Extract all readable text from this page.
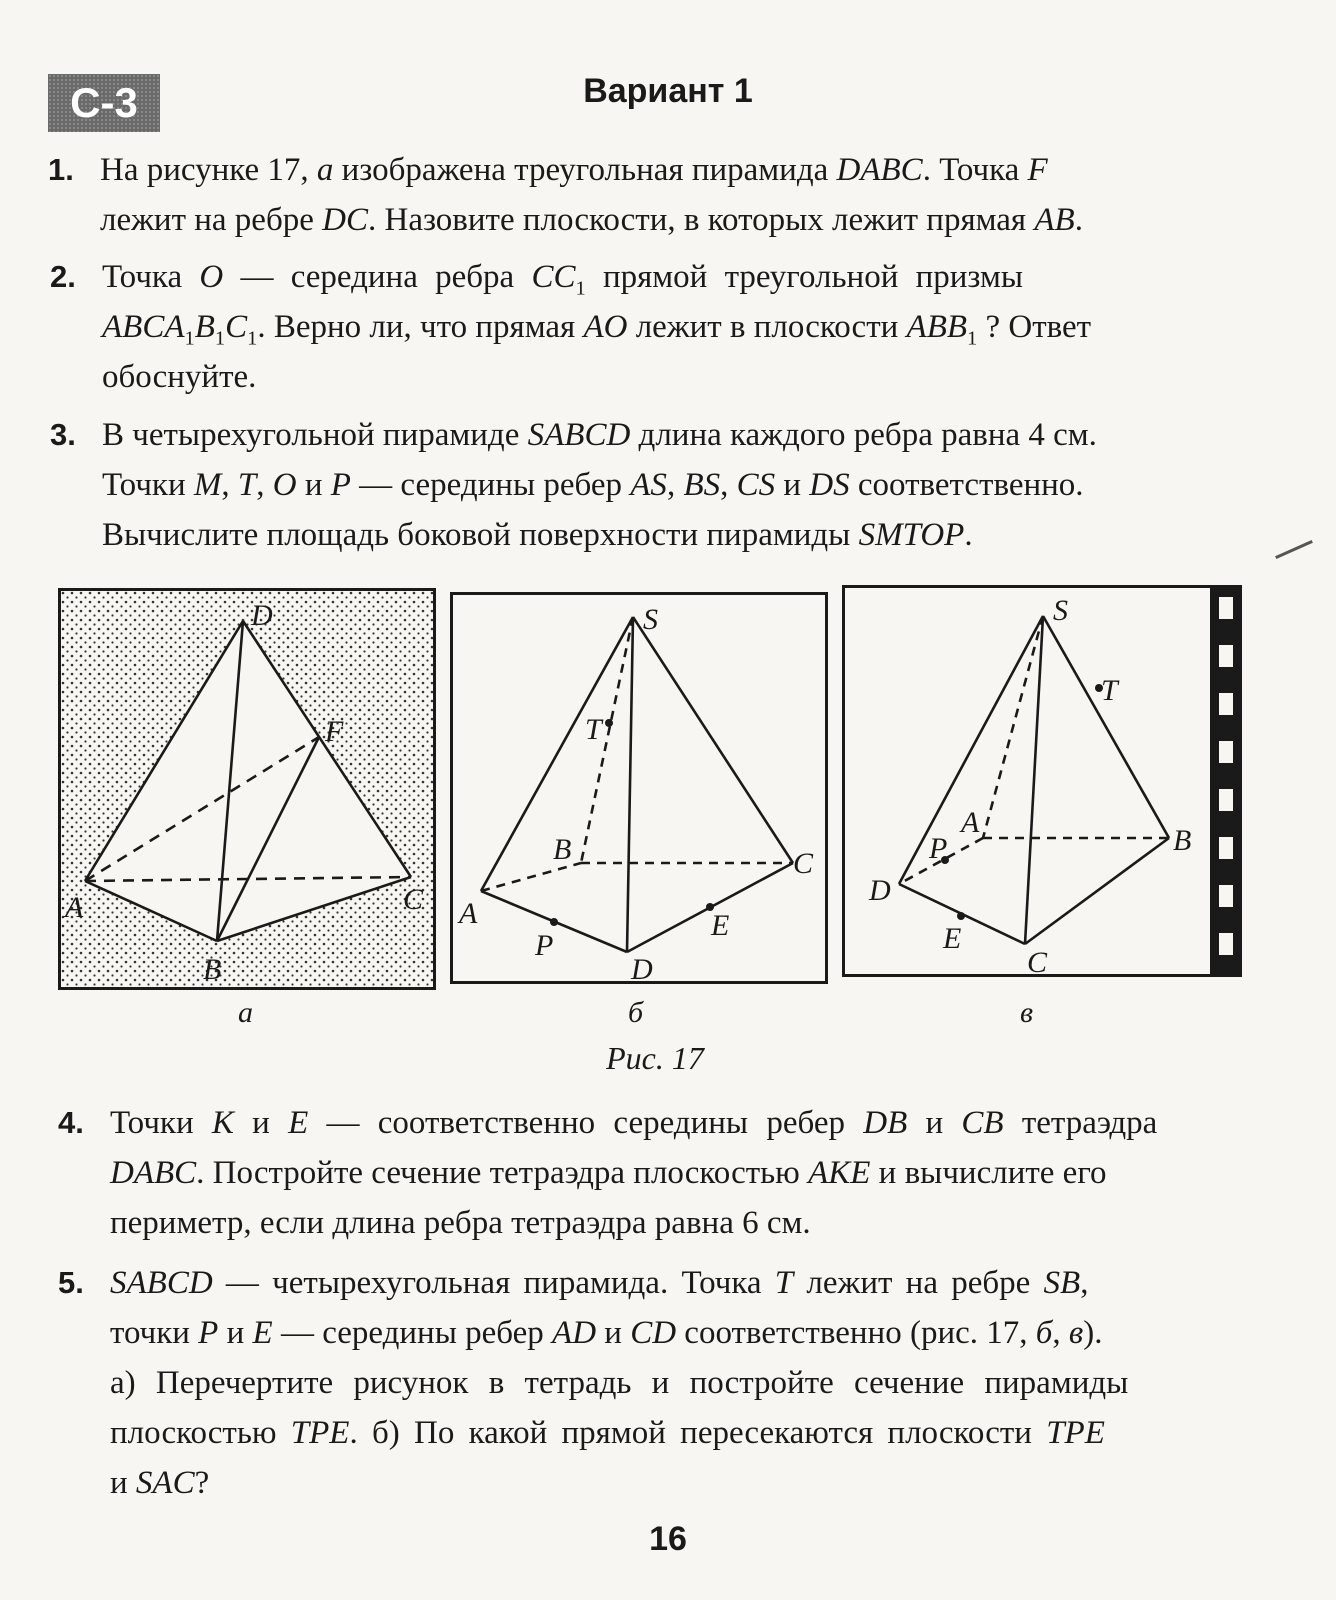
С-3	Вариант 1
1. На рисунке 17, а изображена треугольная пирамида DABC. Точка F
лежит на ребре DC. Назовите плоскости, в которых лежит прямая AB.
2. Точка O — середина ребра $CC_1$ прямой треугольной призмы
$ABCA_1B_1C_1$. Верно ли, что прямая AO лежит в плоскости $ABB_1$ ? Ответ
обоснуйте.
3. В четырехугольной пирамиде SABCD длина каждого ребра равна 4 см.
Точки M, T, O и P — середины ребер AS, BS, CS и DS соответственно.
Вычислите площадь боковой поверхности пирамиды SMTOP.
D
F
A
B
C
S
T
B	C
A
P
D
E
S
T
A
B
P
D
E
C
а	б	в
Рис. 17
4. Точки K и E — соответственно середины ребер DB и CB тетраэдра
DABC. Постройте сечение тетраэдра плоскостью AKE и вычислите его
периметр, если длина ребра тетраэдра равна 6 см.
5. SABCD — четырехугольная пирамида. Точка T лежит на ребре SB,
точки P и E — середины ребер AD и CD соответственно (рис. 17, б, в).
а) Перечертите рисунок в тетрадь и постройте сечение пирамиды
плоскостью TPE. б) По какой прямой пересекаются плоскости TPE
и SAC?
16
